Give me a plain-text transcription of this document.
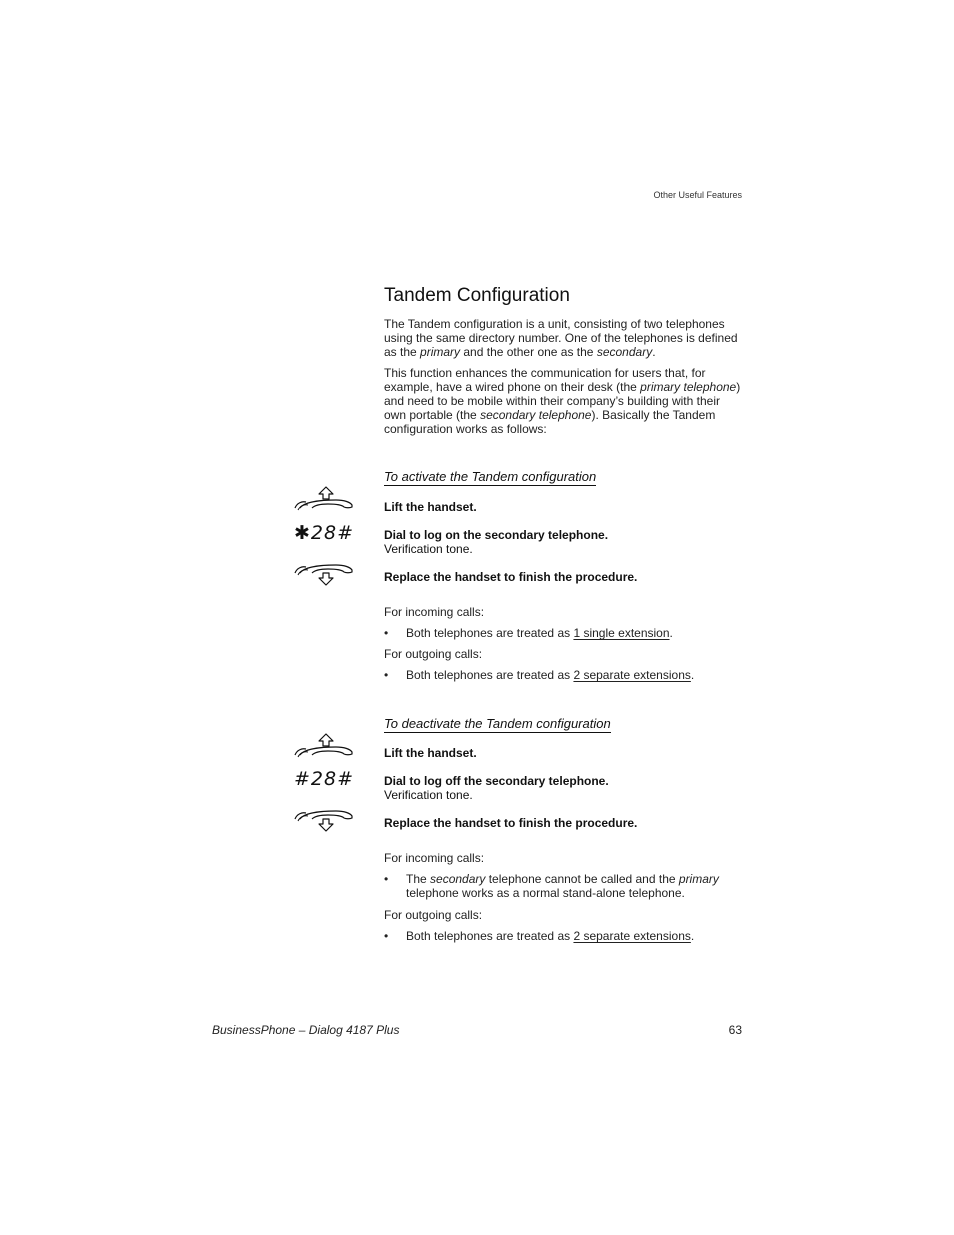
Other Useful Features
Tandem Configuration

The Tandem configuration is a unit, consisting of two telephones using the same directory number. One of the telephones is defined as the primary and the other one as the secondary.

This function enhances the communication for users that, for example, have a wired phone on their desk (the primary telephone) and need to be mobile within their company’s building with their own portable (the secondary telephone). Basically the Tandem configuration works as follows:

To activate the Tandem configuration
Lift the handset.
✱28#	Dial to log on the secondary telephone.
Verification tone.
Replace the handset to finish the procedure.
For incoming calls:
• Both telephones are treated as 1 single extension.
For outgoing calls:
• Both telephones are treated as 2 separate extensions.
To deactivate the Tandem configuration
Lift the handset.
#28#	Dial to log off the secondary telephone.
Verification tone.
Replace the handset to finish the procedure.
For incoming calls:
• The secondary telephone cannot be called and the primary telephone works as a normal stand-alone telephone.
For outgoing calls:
• Both telephones are treated as 2 separate extensions.
BusinessPhone – Dialog 4187 Plus	63
